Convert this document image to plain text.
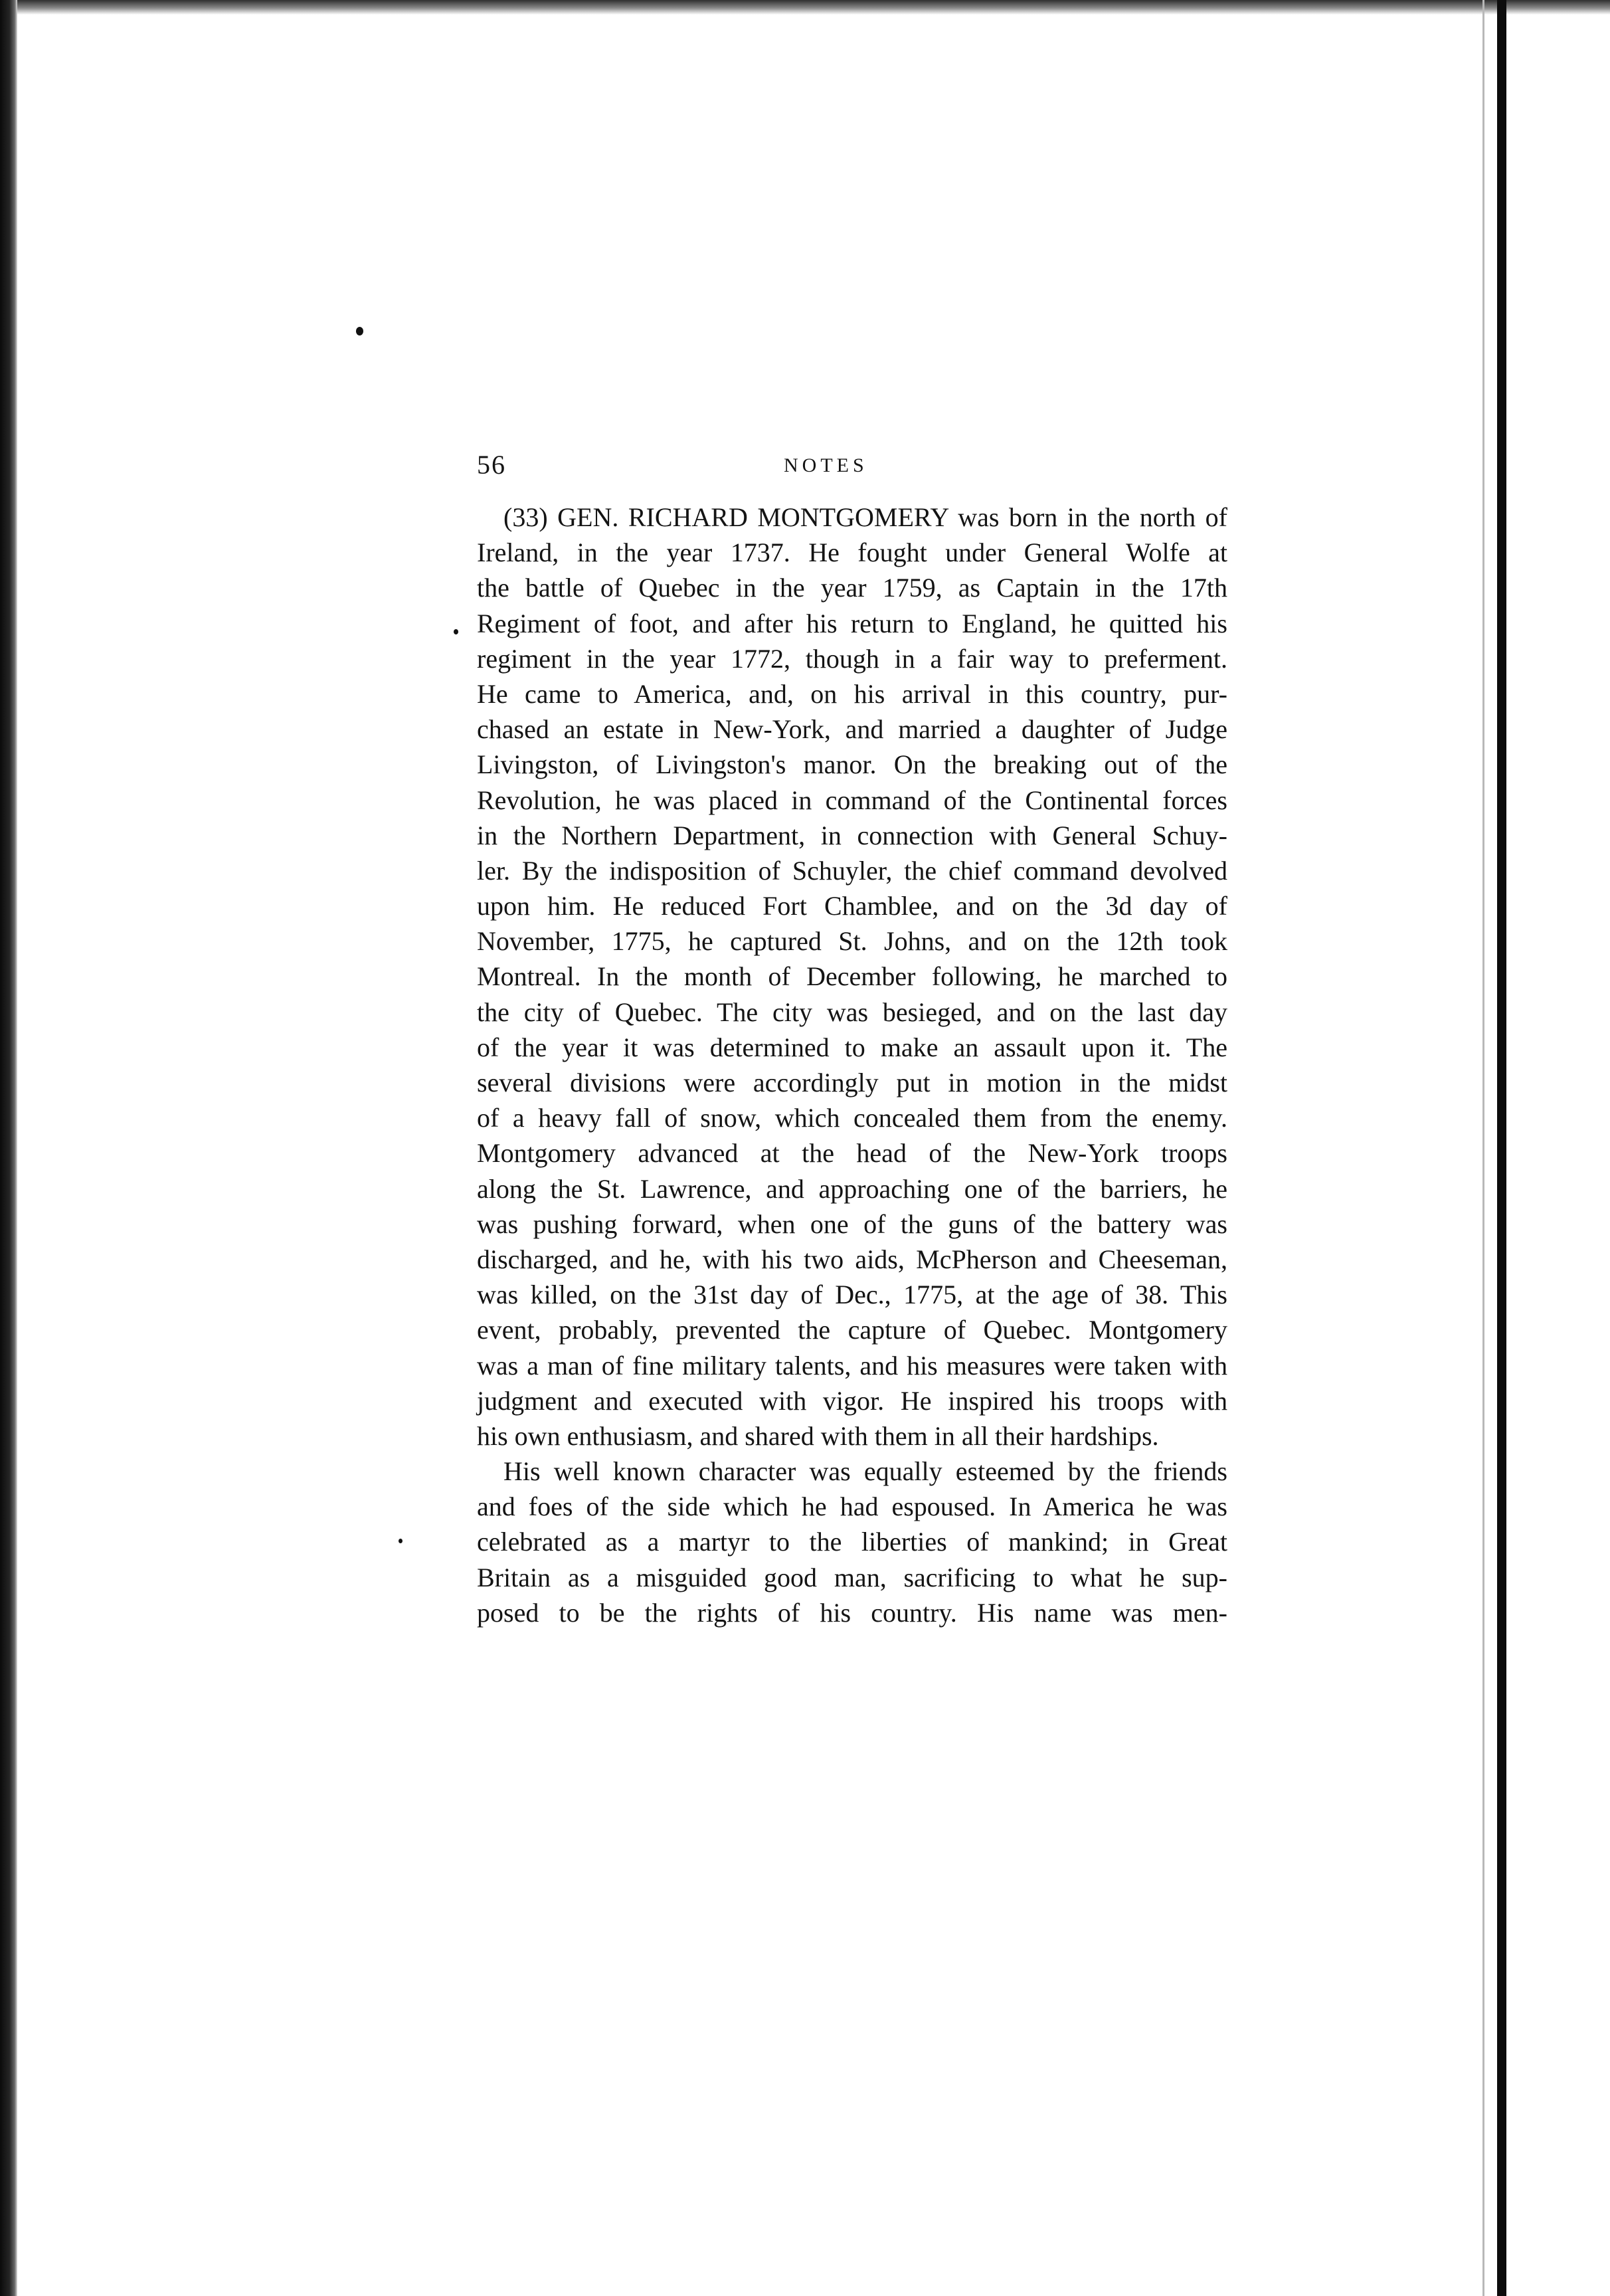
56	NOTES
(33) GEN. RICHARD MONTGOMERY was born in the north of
Ireland, in the year 1737. He fought under General Wolfe at
the battle of Quebec in the year 1759, as Captain in the 17th
Regiment of foot, and after his return to England, he quitted his
regiment in the year 1772, though in a fair way to preferment.
He came to America, and, on his arrival in this country, pur-
chased an estate in New-York, and married a daughter of Judge
Livingston, of Livingston's manor. On the breaking out of the
Revolution, he was placed in command of the Continental forces
in the Northern Department, in connection with General Schuy-
ler. By the indisposition of Schuyler, the chief command devolved
upon him. He reduced Fort Chamblee, and on the 3d day of
November, 1775, he captured St. Johns, and on the 12th took
Montreal. In the month of December following, he marched to
the city of Quebec. The city was besieged, and on the last day
of the year it was determined to make an assault upon it. The
several divisions were accordingly put in motion in the midst
of a heavy fall of snow, which concealed them from the enemy.
Montgomery advanced at the head of the New-York troops
along the St. Lawrence, and approaching one of the barriers, he
was pushing forward, when one of the guns of the battery was
discharged, and he, with his two aids, McPherson and Cheeseman,
was killed, on the 31st day of Dec., 1775, at the age of 38. This
event, probably, prevented the capture of Quebec. Montgomery
was a man of fine military talents, and his measures were taken with
judgment and executed with vigor. He inspired his troops with
his own enthusiasm, and shared with them in all their hardships.
His well known character was equally esteemed by the friends
and foes of the side which he had espoused. In America he was
celebrated as a martyr to the liberties of mankind; in Great
Britain as a misguided good man, sacrificing to what he sup-
posed to be the rights of his country. His name was men-
